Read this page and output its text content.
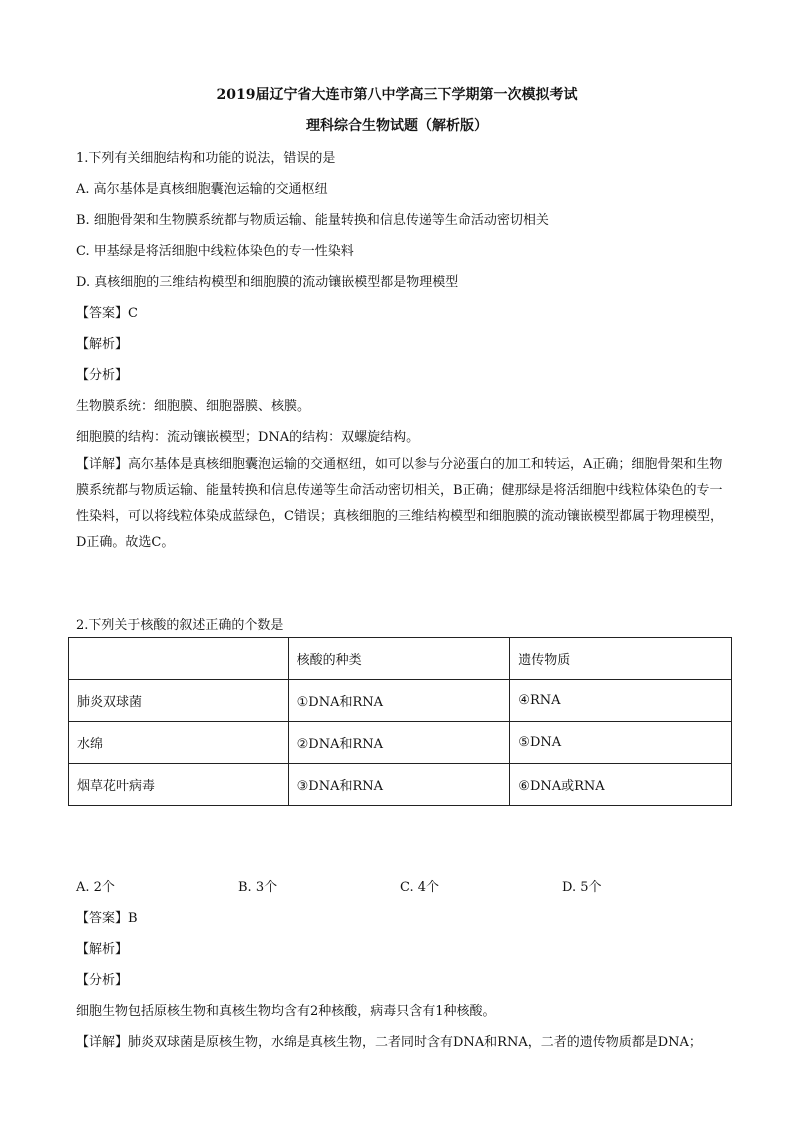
2019届辽宁省大连市第八中学高三下学期第一次模拟考试
理科综合生物试题（解析版）
1.下列有关细胞结构和功能的说法，错误的是
A. 高尔基体是真核细胞囊泡运输的交通枢纽
B. 细胞骨架和生物膜系统都与物质运输、能量转换和信息传递等生命活动密切相关
C. 甲基绿是将活细胞中线粒体染色的专一性染料
D. 真核细胞的三维结构模型和细胞膜的流动镶嵌模型都是物理模型
【答案】C
【解析】
【分析】
生物膜系统：细胞膜、细胞器膜、核膜。
细胞膜的结构：流动镶嵌模型；DNA的结构：双螺旋结构。
【详解】高尔基体是真核细胞囊泡运输的交通枢纽，如可以参与分泌蛋白的加工和转运，A正确；细胞骨架和生物膜系统都与物质运输、能量转换和信息传递等生命活动密切相关，B正确；健那绿是将活细胞中线粒体染色的专一性染料，可以将线粒体染成蓝绿色，C错误；真核细胞的三维结构模型和细胞膜的流动镶嵌模型都属于物理模型，D正确。故选C。
2.下列关于核酸的叙述正确的个数是
	核酸的种类	遗传物质
肺炎双球菌	①DNA和RNA	④RNA
水绵	②DNA和RNA	⑤DNA
烟草花叶病毒	③DNA和RNA	⑥DNA或RNA
A. 2个	B. 3个	C. 4个	D. 5个
【答案】B
【解析】
【分析】
细胞生物包括原核生物和真核生物均含有2种核酸，病毒只含有1种核酸。
【详解】肺炎双球菌是原核生物，水绵是真核生物，二者同时含有DNA和RNA，二者的遗传物质都是DNA；
